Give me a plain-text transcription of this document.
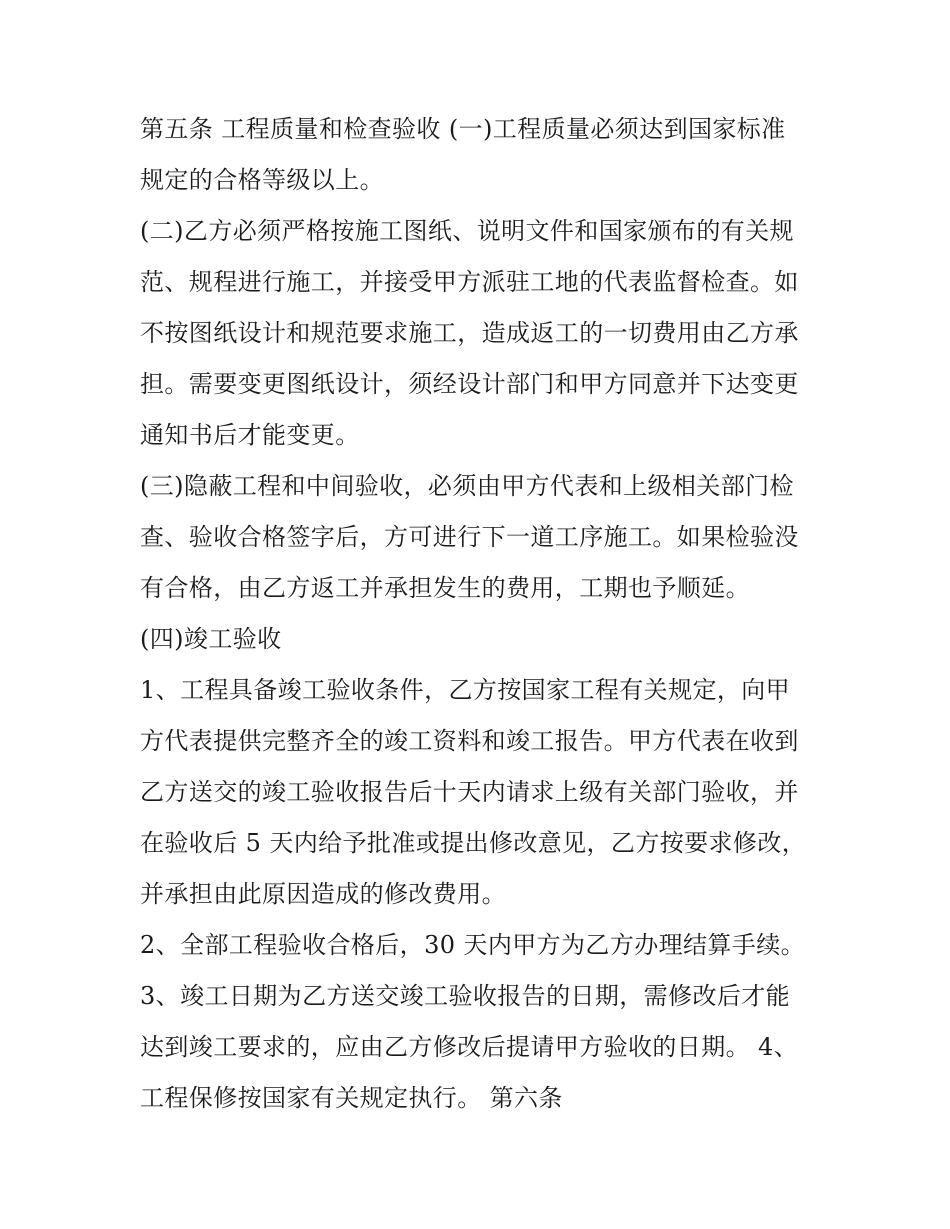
第五条 工程质量和检查验收 (一)工程质量必须达到国家标准
规定的合格等级以上。
(二)乙方必须严格按施工图纸、说明文件和国家颁布的有关规
范、规程进行施工，并接受甲方派驻工地的代表监督检查。如
不按图纸设计和规范要求施工，造成返工的一切费用由乙方承
担。需要变更图纸设计，须经设计部门和甲方同意并下达变更
通知书后才能变更。
(三)隐蔽工程和中间验收，必须由甲方代表和上级相关部门检
查、验收合格签字后，方可进行下一道工序施工。如果检验没
有合格，由乙方返工并承担发生的费用，工期也予顺延。
(四)竣工验收
1、工程具备竣工验收条件，乙方按国家工程有关规定，向甲
方代表提供完整齐全的竣工资料和竣工报告。甲方代表在收到
乙方送交的竣工验收报告后十天内请求上级有关部门验收，并
在验收后 5 天内给予批准或提出修改意见，乙方按要求修改，
并承担由此原因造成的修改费用。
2、全部工程验收合格后，30 天内甲方为乙方办理结算手续。
3、竣工日期为乙方送交竣工验收报告的日期，需修改后才能
达到竣工要求的，应由乙方修改后提请甲方验收的日期。 4、
工程保修按国家有关规定执行。 第六条
